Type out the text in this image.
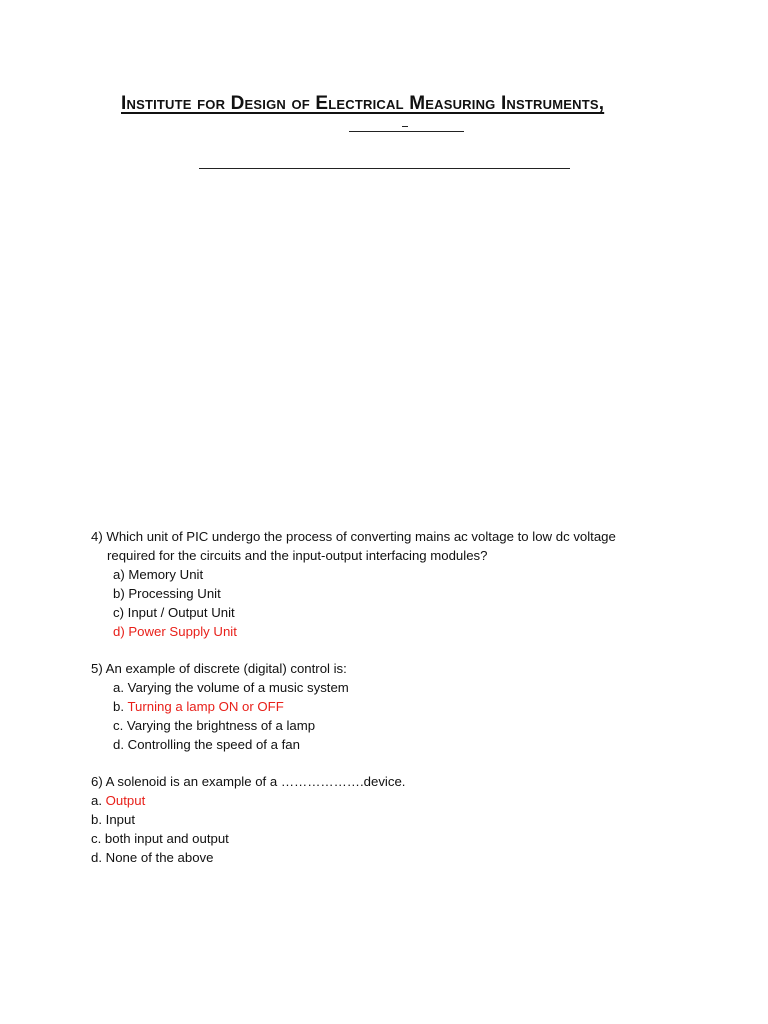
Institute for Design of Electrical Measuring Instruments,
4) Which unit of PIC undergo the process of converting mains ac voltage to low dc voltage
required for the circuits and the input-output interfacing modules?
a) Memory Unit
b) Processing Unit
c) Input / Output Unit
d) Power Supply Unit
5) An example of discrete (digital) control is:
a. Varying the volume of a music system
b. Turning a lamp ON or OFF
c. Varying the brightness of a lamp
d. Controlling the speed of a fan
6) A solenoid is an example of a ……………….device.
a. Output
b. Input
c. both input and output
d. None of the above
